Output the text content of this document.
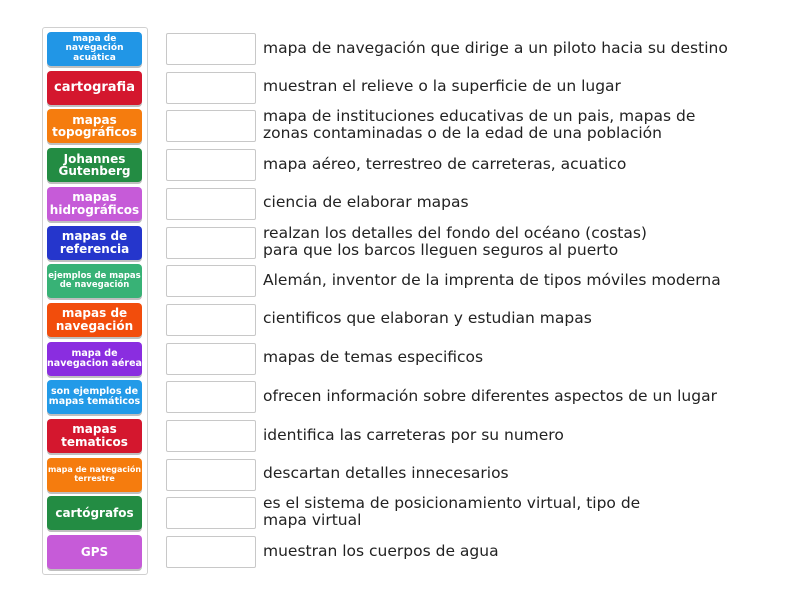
mapa de navegación acuática
cartografia
mapas topográficos
Johannes Gutenberg
mapas hidrográficos
mapas de referencia
ejemplos de mapas de navegación
mapas de navegación
mapa de navegacion aérea
son ejemplos de mapas temáticos
mapas tematicos
mapa de navegación terrestre
cartógrafos
GPS
mapa de navegación que dirige a un piloto hacia su destino
muestran el relieve o la superficie de un lugar
mapa de instituciones educativas de un pais, mapas de zonas contaminadas o de la edad de una población
mapa aéreo, terrestreo de carreteras, acuatico
ciencia de elaborar mapas
realzan los detalles del fondo del océano (costas) para que los barcos lleguen seguros al puerto
Alemán, inventor de la imprenta de tipos móviles moderna
cientificos que elaboran y estudian mapas
mapas de temas especificos
ofrecen información sobre diferentes aspectos de un lugar
identifica las carreteras por su numero
descartan detalles innecesarios
es el sistema de posicionamiento virtual, tipo de mapa virtual
muestran los cuerpos de agua
